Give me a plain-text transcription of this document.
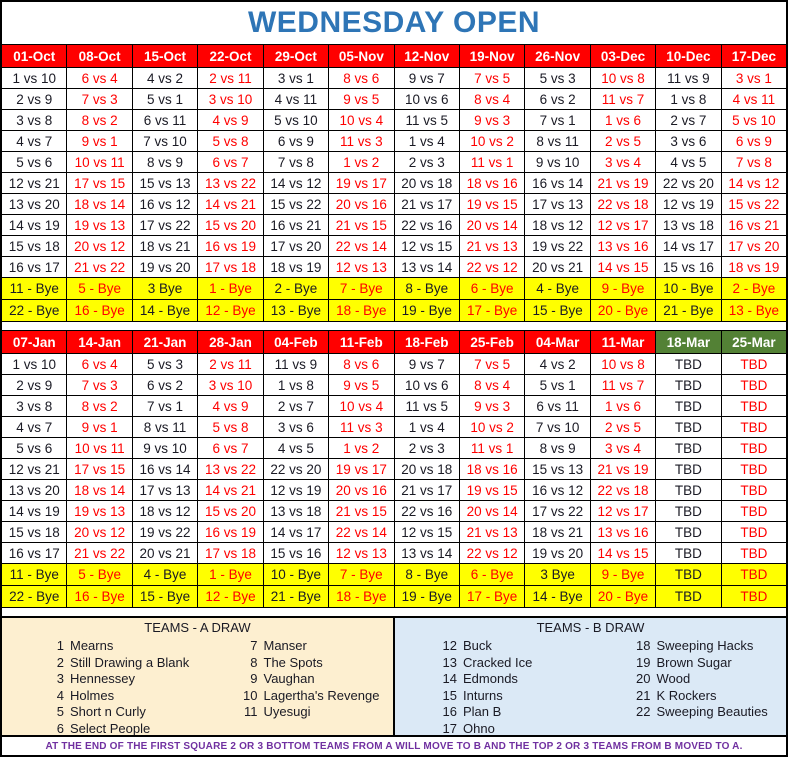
WEDNESDAY OPEN
01-Oct
1 vs 10
2 vs 9
3 vs 8
4 vs 7
5 vs 6
12 vs 21
13 vs 20
14 vs 19
15 vs 18
16 vs 17
11 - Bye
22 - Bye
08-Oct
6 vs 4
7 vs 3
8 vs 2
9 vs 1
10 vs 11
17 vs 15
18 vs 14
19 vs 13
20 vs 12
21 vs 22
5 - Bye
16 - Bye
15-Oct
4 vs 2
5 vs 1
6 vs 11
7 vs 10
8 vs 9
15 vs 13
16 vs 12
17 vs 22
18 vs 21
19 vs 20
3 Bye
14 - Bye
22-Oct
2 vs 11
3 vs 10
4 vs 9
5 vs 8
6 vs 7
13 vs 22
14 vs 21
15 vs 20
16 vs 19
17 vs 18
1 - Bye
12 - Bye
29-Oct
3 vs 1
4 vs 11
5 vs 10
6 vs 9
7 vs 8
14 vs 12
15 vs 22
16 vs 21
17 vs 20
18 vs 19
2 - Bye
13 - Bye
05-Nov
8 vs 6
9 vs 5
10 vs 4
11 vs 3
1 vs 2
19 vs 17
20 vs 16
21 vs 15
22 vs 14
12 vs 13
7 - Bye
18 - Bye
12-Nov
9 vs 7
10 vs 6
11 vs 5
1 vs 4
2 vs 3
20 vs 18
21 vs 17
22 vs 16
12 vs 15
13 vs 14
8 - Bye
19 - Bye
19-Nov
7 vs 5
8 vs 4
9 vs 3
10 vs 2
11 vs 1
18 vs 16
19 vs 15
20 vs 14
21 vs 13
22 vs 12
6 - Bye
17 - Bye
26-Nov
5 vs 3
6 vs 2
7 vs 1
8 vs 11
9 vs 10
16 vs 14
17 vs 13
18 vs 12
19 vs 22
20 vs 21
4 - Bye
15 - Bye
03-Dec
10 vs 8
11 vs 7
1 vs 6
2 vs 5
3 vs 4
21 vs 19
22 vs 18
12 vs 17
13 vs 16
14 vs 15
9 - Bye
20 - Bye
10-Dec
11 vs 9
1 vs 8
2 vs 7
3 vs 6
4 vs 5
22 vs 20
12 vs 19
13 vs 18
14 vs 17
15 vs 16
10 - Bye
21 - Bye
17-Dec
3 vs 1
4 vs 11
5 vs 10
6 vs 9
7 vs 8
14 vs 12
15 vs 22
16 vs 21
17 vs 20
18 vs 19
2 - Bye
13 - Bye
07-Jan
1 vs 10
2 vs 9
3 vs 8
4 vs 7
5 vs 6
12 vs 21
13 vs 20
14 vs 19
15 vs 18
16 vs 17
11 - Bye
22 - Bye
14-Jan
6 vs 4
7 vs 3
8 vs 2
9 vs 1
10 vs 11
17 vs 15
18 vs 14
19 vs 13
20 vs 12
21 vs 22
5 - Bye
16 - Bye
21-Jan
5 vs 3
6 vs 2
7 vs 1
8 vs 11
9 vs 10
16 vs 14
17 vs 13
18 vs 12
19 vs 22
20 vs 21
4 - Bye
15 - Bye
28-Jan
2 vs 11
3 vs 10
4 vs 9
5 vs 8
6 vs 7
13 vs 22
14 vs 21
15 vs 20
16 vs 19
17 vs 18
1 - Bye
12 - Bye
04-Feb
11 vs 9
1 vs 8
2 vs 7
3 vs 6
4 vs 5
22 vs 20
12 vs 19
13 vs 18
14 vs 17
15 vs 16
10 - Bye
21 - Bye
11-Feb
8 vs 6
9 vs 5
10 vs 4
11 vs 3
1 vs 2
19 vs 17
20 vs 16
21 vs 15
22 vs 14
12 vs 13
7 - Bye
18 - Bye
18-Feb
9 vs 7
10 vs 6
11 vs 5
1 vs 4
2 vs 3
20 vs 18
21 vs 17
22 vs 16
12 vs 15
13 vs 14
8 - Bye
19 - Bye
25-Feb
7 vs 5
8 vs 4
9 vs 3
10 vs 2
11 vs 1
18 vs 16
19 vs 15
20 vs 14
21 vs 13
22 vs 12
6 - Bye
17 - Bye
04-Mar
4 vs 2
5 vs 1
6 vs 11
7 vs 10
8 vs 9
15 vs 13
16 vs 12
17 vs 22
18 vs 21
19 vs 20
3 Bye
14 - Bye
11-Mar
10 vs 8
11 vs 7
1 vs 6
2 vs 5
3 vs 4
21 vs 19
22 vs 18
12 vs 17
13 vs 16
14 vs 15
9 - Bye
20 - Bye
18-Mar
TBD
TBD
TBD
TBD
TBD
TBD
TBD
TBD
TBD
TBD
TBD
TBD
25-Mar
TBD
TBD
TBD
TBD
TBD
TBD
TBD
TBD
TBD
TBD
TBD
TBD
TEAMS - A DRAW
1 Mearns
2 Still Drawing a Blank
3 Hennessey
4 Holmes
5 Short n Curly
6 Select People
7 Manser
8 The Spots
9 Vaughan
10 Lagertha's Revenge
11 Uyesugi
TEAMS - B DRAW
12 Buck
13 Cracked Ice
14 Edmonds
15 Inturns
16 Plan B
17 Ohno
18 Sweeping Hacks
19 Brown Sugar
20 Wood
21 K Rockers
22 Sweeping Beauties
AT THE END OF THE FIRST SQUARE 2 OR 3 BOTTOM TEAMS FROM A WILL MOVE TO B AND THE TOP 2 OR 3 TEAMS FROM B MOVED TO A.
